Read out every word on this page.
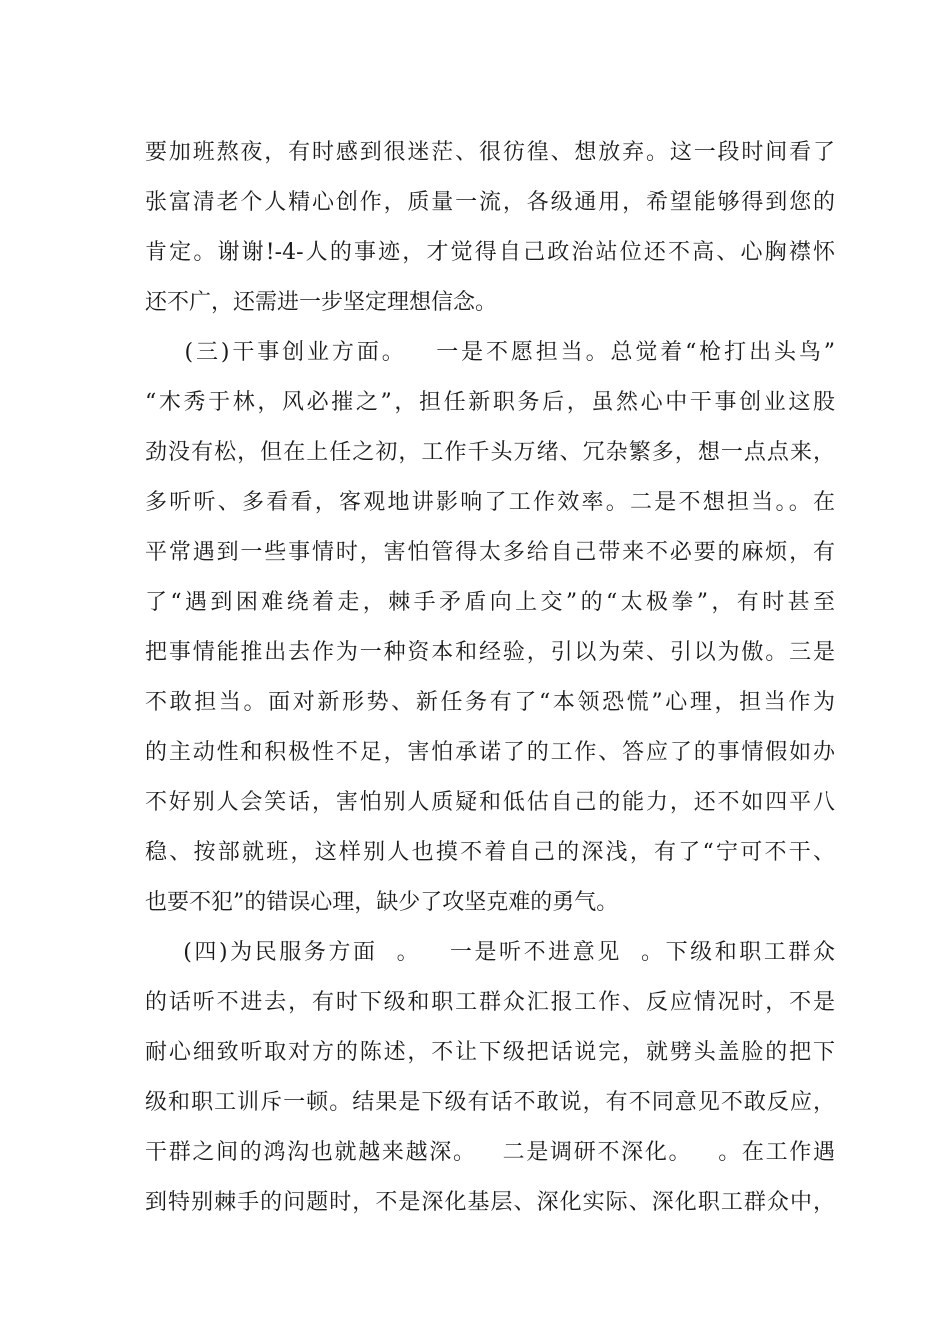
要加班熬夜，有时感到很迷茫、很彷徨、想放弃。这一段时间看了
张富清老个人精心创作，质量一流，各级通用，希望能够得到您的
肯定。谢谢!-4-人的事迹，才觉得自己政治站位还不高、心胸襟怀
还不广，还需进一步坚定理想信念。
(三)干事创业方面。   一是不愿担当。总觉着“枪打出头鸟”
“木秀于林，风必摧之”，担任新职务后，虽然心中干事创业这股
劲没有松，但在上任之初，工作千头万绪、冗杂繁多，想一点点来，
多听听、多看看，客观地讲影响了工作效率。二是不想担当。。在
平常遇到一些事情时，害怕管得太多给自己带来不必要的麻烦，有
了“遇到困难绕着走，棘手矛盾向上交”的“太极拳”，有时甚至
把事情能推出去作为一种资本和经验，引以为荣、引以为傲。三是
不敢担当。面对新形势、新任务有了“本领恐慌”心理，担当作为
的主动性和积极性不足，害怕承诺了的工作、答应了的事情假如办
不好别人会笑话，害怕别人质疑和低估自己的能力，还不如四平八
稳、按部就班，这样别人也摸不着自己的深浅，有了“宁可不干、
也要不犯”的错误心理，缺少了攻坚克难的勇气。
(四)为民服务方面  。   一是听不进意见  。下级和职工群众
的话听不进去，有时下级和职工群众汇报工作、反应情况时，不是
耐心细致听取对方的陈述，不让下级把话说完，就劈头盖脸的把下
级和职工训斥一顿。结果是下级有话不敢说，有不同意见不敢反应，
干群之间的鸿沟也就越来越深。   二是调研不深化。   。在工作遇
到特别棘手的问题时，不是深化基层、深化实际、深化职工群众中，
